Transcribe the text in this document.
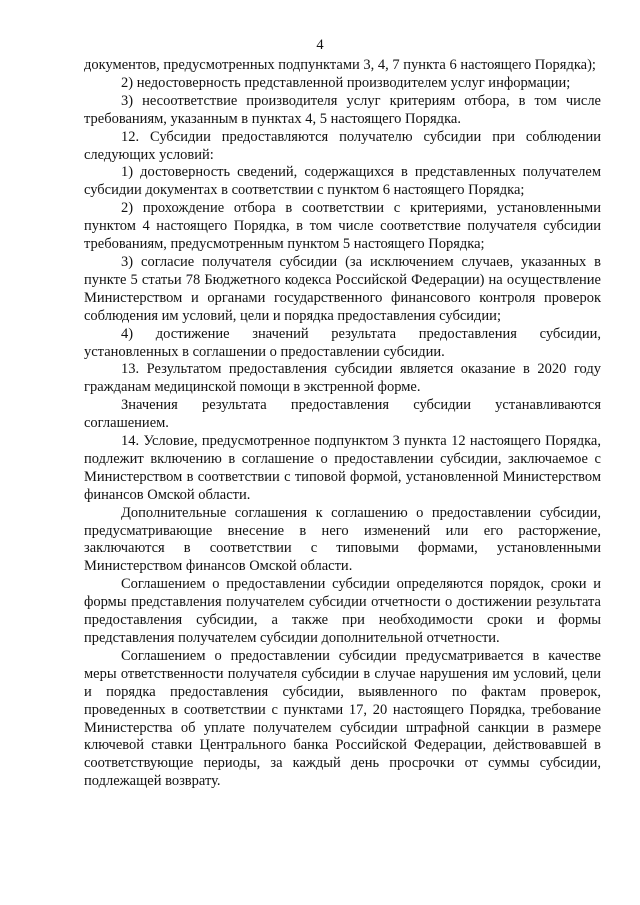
4

документов, предусмотренных подпунктами 3, 4, 7 пункта 6 настоящего Порядка);

2) недостоверность представленной производителем услуг информации;

3) несоответствие производителя услуг критериям отбора, в том числе требованиям, указанным в пунктах 4, 5 настоящего Порядка.

12. Субсидии предоставляются получателю субсидии при соблюдении следующих условий:

1) достоверность сведений, содержащихся в представленных получателем субсидии документах в соответствии с пунктом 6 настоящего Порядка;

2) прохождение отбора в соответствии с критериями, установленными пунктом 4 настоящего Порядка, в том числе соответствие получателя субсидии требованиям, предусмотренным пунктом 5 настоящего Порядка;

3) согласие получателя субсидии (за исключением случаев, указанных в пункте 5 статьи 78 Бюджетного кодекса Российской Федерации) на осуществление Министерством и органами государственного финансового контроля проверок соблюдения им условий, цели и порядка предоставления субсидии;

4) достижение значений результата предоставления субсидии, установленных в соглашении о предоставлении субсидии.

13. Результатом предоставления субсидии является оказание в 2020 году гражданам медицинской помощи в экстренной форме.

Значения результата предоставления субсидии устанавливаются соглашением.

14. Условие, предусмотренное подпунктом 3 пункта 12 настоящего Порядка, подлежит включению в соглашение о предоставлении субсидии, заключаемое с Министерством в соответствии с типовой формой, установленной Министерством финансов Омской области.

Дополнительные соглашения к соглашению о предоставлении субсидии, предусматривающие внесение в него изменений или его расторжение, заключаются в соответствии с типовыми формами, установленными Министерством финансов Омской области.

Соглашением о предоставлении субсидии определяются порядок, сроки и формы представления получателем субсидии отчетности о достижении результата предоставления субсидии, а также при необходимости сроки и формы представления получателем субсидии дополнительной отчетности.

Соглашением о предоставлении субсидии предусматривается в качестве меры ответственности получателя субсидии в случае нарушения им условий, цели и порядка предоставления субсидии, выявленного по фактам проверок, проведенных в соответствии с пунктами 17, 20 настоящего Порядка, требование Министерства об уплате получателем субсидии штрафной санкции в размере ключевой ставки Центрального банка Российской Федерации, действовавшей в соответствующие периоды, за каждый день просрочки от суммы субсидии, подлежащей возврату.
